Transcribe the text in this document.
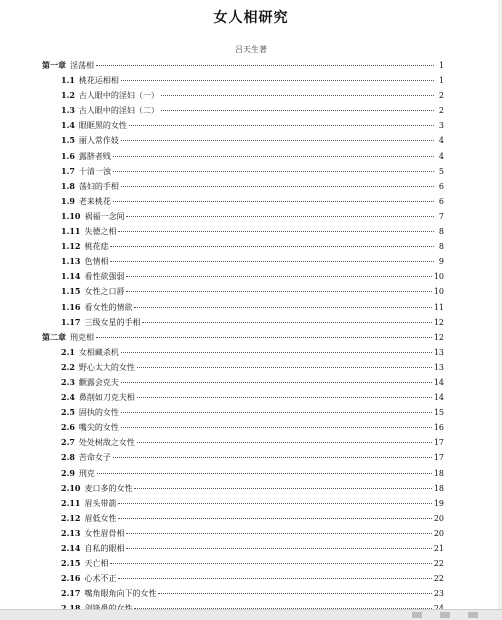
女人相研究
吕天生著
第一章 淫荡相	1
1.1 桃花运相相	1
1.2 古人眼中的淫妇（一）	2
1.3 古人眼中的淫妇（二）	2
1.4 眼眶黑的女性	3
1.5 丽人常作妓	4
1.6 露脐者贱	4
1.7 十清一浊	5
1.8 荡妇的手相	6
1.9 老来桃花	6
1.10 祸福一念间	7
1.11 失德之相	8
1.12 桃花痣	8
1.13 色情相	9
1.14 看性欲强弱	10
1.15 女性之口唇	10
1.16 看女性的情欲	11
1.17 三级女星的手相	12
第二章 刑克相	12
2.1 女相藏杀机	13
2.2 野心太大的女性	13
2.3 颧露会克夫	14
2.4 鼻削如刀克夫相	14
2.5 固执的女性	15
2.6 嘴尖的女性	16
2.7 处处树敌之女性	17
2.8 苦命女子	17
2.9 刑克	18
2.10 麦口多的女性	18
2.11 眉头带箭	19
2.12 眉低女性	20
2.13 女性眉骨相	20
2.14 自私的眼相	21
2.15 天亡相	22
2.16 心术不正	22
2.17 嘴角眼角向下的女性	23
